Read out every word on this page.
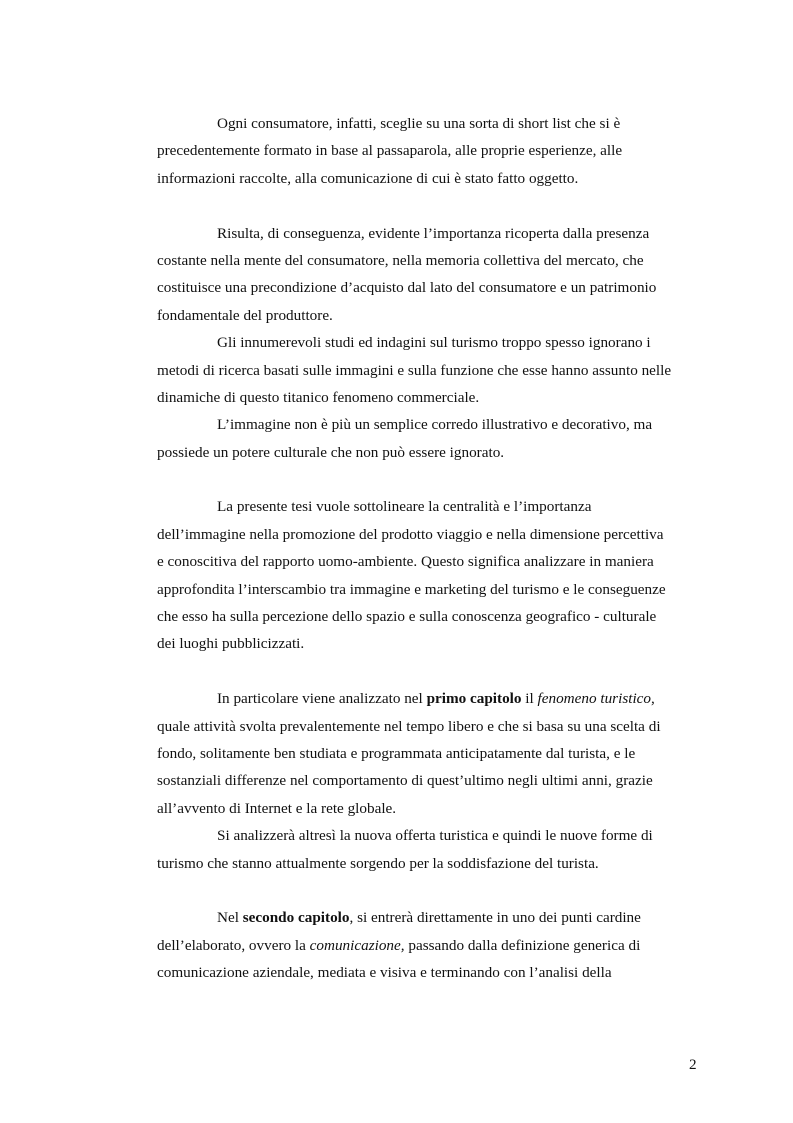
Ogni consumatore, infatti, sceglie su una sorta di short list che si è
precedentemente formato in base al passaparola, alle proprie esperienze, alle
informazioni raccolte, alla comunicazione di cui è stato fatto oggetto.
Risulta, di conseguenza, evidente l’importanza ricoperta dalla presenza
costante nella mente del consumatore, nella memoria collettiva del mercato, che
costituisce una precondizione d’acquisto dal lato del consumatore e un patrimonio
fondamentale del produttore.
Gli innumerevoli studi ed indagini sul turismo troppo spesso ignorano i
metodi di ricerca basati sulle immagini e sulla funzione che esse hanno assunto nelle
dinamiche di questo titanico fenomeno commerciale.
L’immagine non è più un semplice corredo illustrativo e decorativo, ma
possiede un potere culturale che non può essere ignorato.
La presente tesi vuole sottolineare la centralità e l’importanza
dell’immagine nella promozione del prodotto viaggio e nella dimensione percettiva
e conoscitiva del rapporto uomo-ambiente. Questo significa analizzare in maniera
approfondita l’interscambio tra immagine e marketing del turismo e le conseguenze
che esso ha sulla percezione dello spazio e sulla conoscenza geografico - culturale
dei luoghi pubblicizzati.
In particolare viene analizzato nel primo capitolo il fenomeno turistico,
quale attività svolta prevalentemente nel tempo libero e che si basa su una scelta di
fondo, solitamente ben studiata e programmata anticipatamente dal turista, e le
sostanziali differenze nel comportamento di quest’ultimo negli ultimi anni, grazie
all’avvento di Internet e la rete globale.
Si analizzerà altresì la nuova offerta turistica e quindi le nuove forme di
turismo che stanno attualmente sorgendo per la soddisfazione del turista.
Nel secondo capitolo, si entrerà direttamente in uno dei punti cardine
dell’elaborato, ovvero la comunicazione, passando dalla definizione generica di
comunicazione aziendale, mediata e visiva e terminando con l’analisi della
2
